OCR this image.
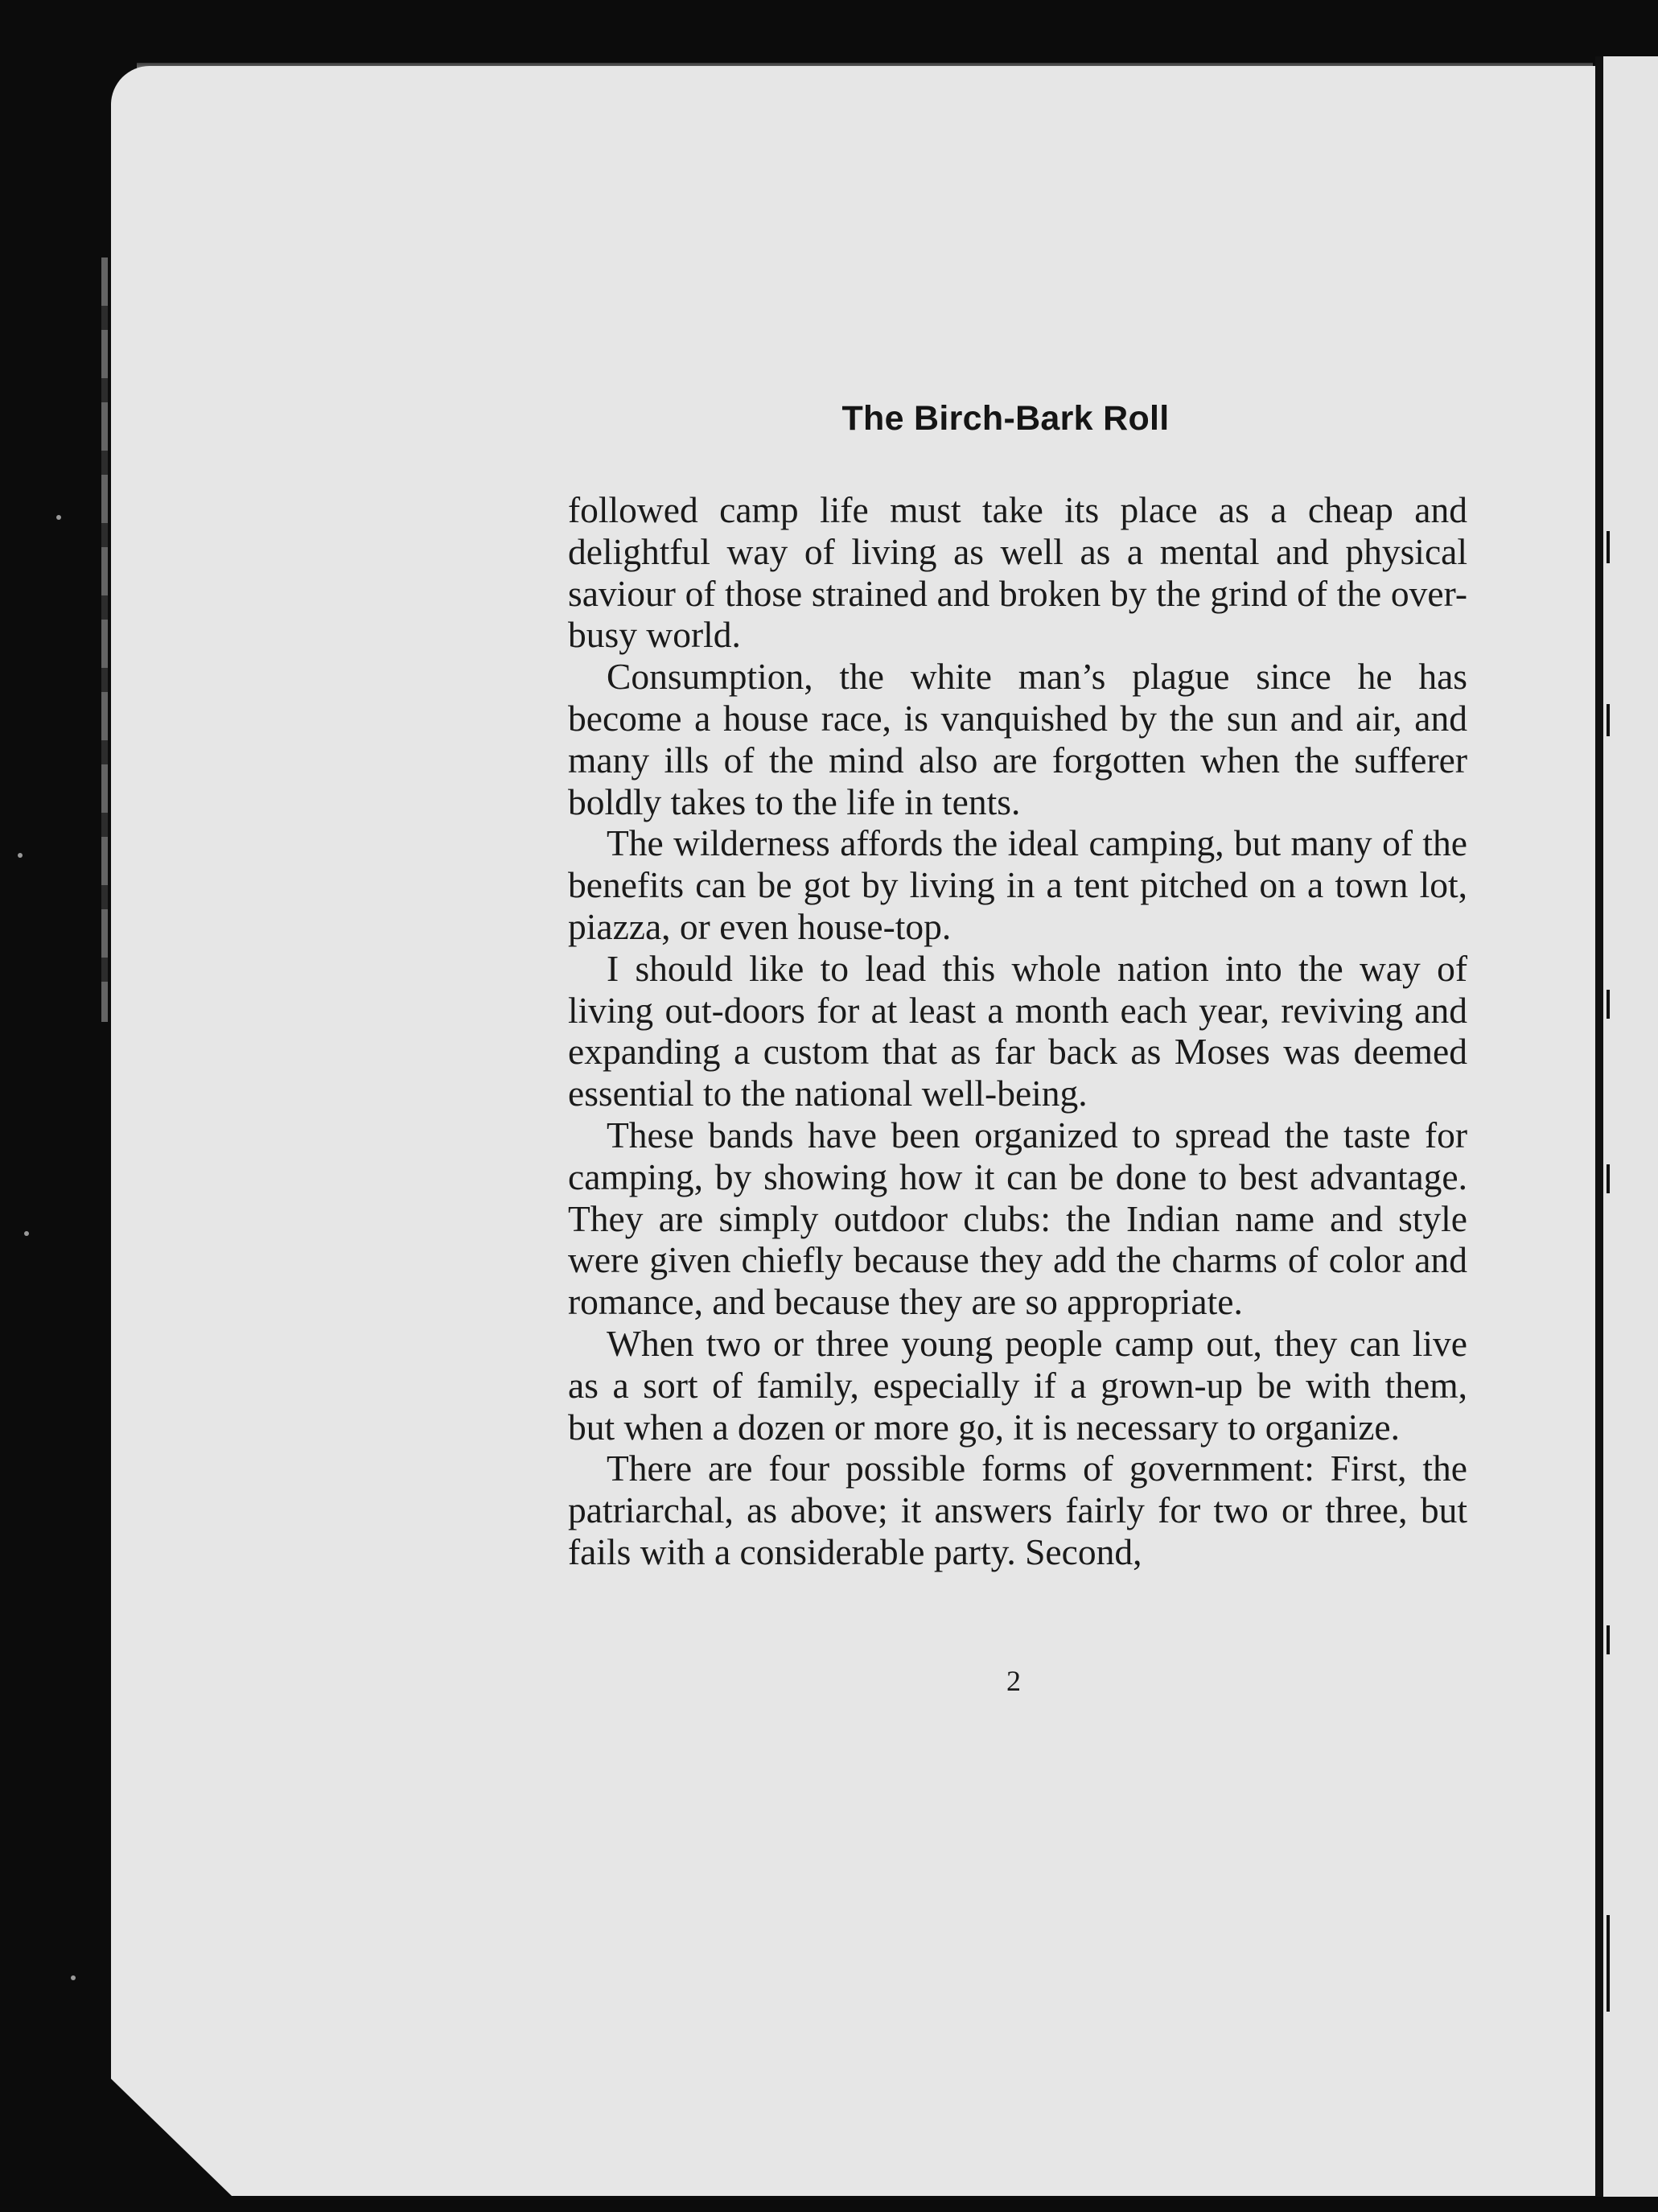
The Birch-Bark Roll

followed camp life must take its place as a cheap and delightful way of living as well as a mental and physical saviour of those strained and broken by the grind of the over-busy world.

Consumption, the white man’s plague since he has become a house race, is vanquished by the sun and air, and many ills of the mind also are forgotten when the sufferer boldly takes to the life in tents.

The wilderness affords the ideal camping, but many of the benefits can be got by living in a tent pitched on a town lot, piazza, or even house-top.

I should like to lead this whole nation into the way of living out-doors for at least a month each year, reviving and expanding a custom that as far back as Moses was deemed essential to the national well-being.

These bands have been organized to spread the taste for camping, by showing how it can be done to best advantage. They are simply outdoor clubs: the Indian name and style were given chiefly because they add the charms of color and romance, and because they are so appropriate.

When two or three young people camp out, they can live as a sort of family, especially if a grown-up be with them, but when a dozen or more go, it is necessary to organize.

There are four possible forms of government: First, the patriarchal, as above; it answers fairly for two or three, but fails with a considerable party. Second,

2
